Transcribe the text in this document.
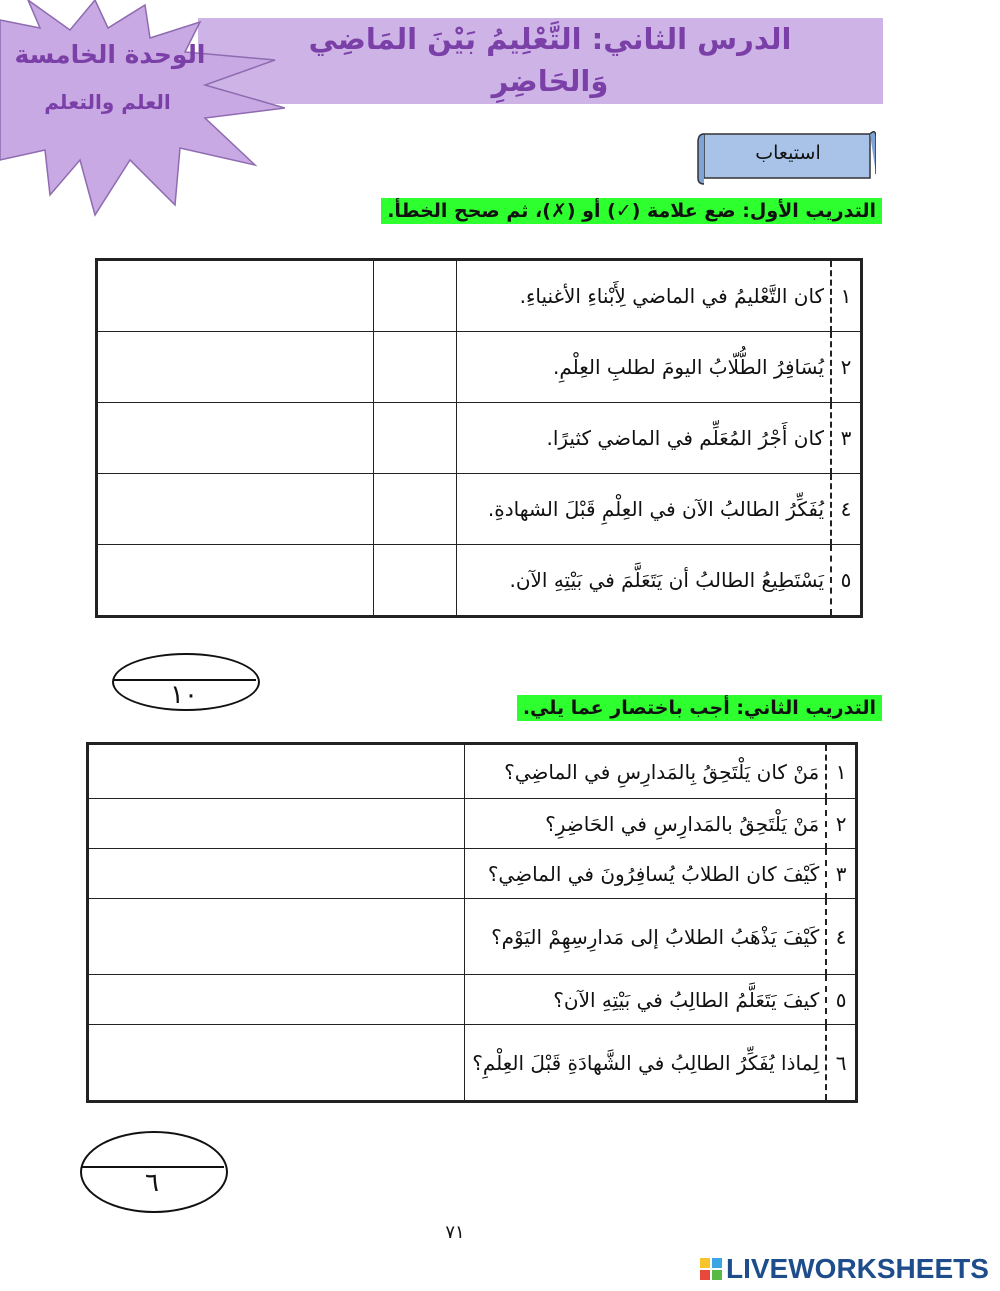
الدرس الثاني: التَّعْلِيمُ بَيْنَ المَاضِي
وَالحَاضِرِ
الوحدة الخامسة
العلم والتعلم
استيعاب
التدريب الأول: ضع علامة (✓) أو (✗)، ثم صحح الخطأ.
١	كان التَّعْليمُ في الماضي لِأَبْناءِ الأغنياءِ.		
٢	يُسَافِرُ الطُّلّابُ اليومَ لطلبِ العِلْمِ.		
٣	كان أَجْرُ المُعَلِّم في الماضي كثيرًا.		
٤	يُفَكِّرُ الطالبُ الآن في العِلْمِ قَبْلَ الشهادةِ.		
٥	يَسْتَطِيعُ الطالبُ أن يَتَعَلَّمَ في بَيْتِهِ الآن.		
١٠	التدريب الثاني: أجب باختصار عما يلي.
١	مَنْ كان يَلْتَحِقُ بِالمَدارِسِ في الماضِي؟	
٢	مَنْ يَلْتَحِقُ بالمَدارِسِ في الحَاضِرِ؟	
٣	كَيْفَ كان الطلابُ يُسافِرُونَ في الماضِي؟	
٤	كَيْفَ يَذْهَبُ الطلابُ إلى مَدارِسِهِمْ اليَوْم؟	
٥	كيفَ يَتَعَلَّمُ الطالِبُ في بَيْتِهِ الآن؟	
٦	لِماذا يُفَكِّرُ الطالِبُ في الشَّهادَةِ قَبْلَ العِلْمِ؟	
٦
٧١
LIVEWORKSHEETS
